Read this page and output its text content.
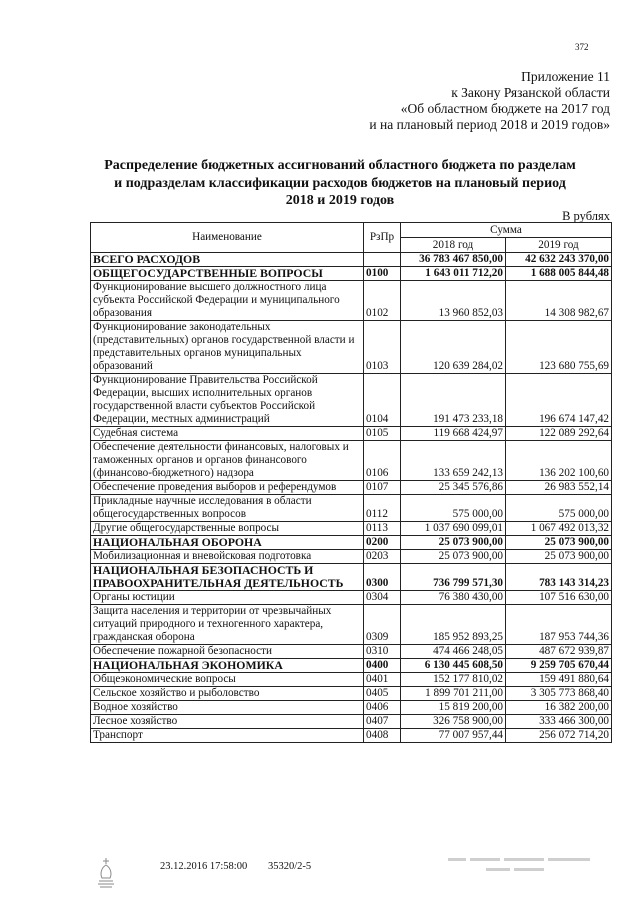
372
Приложение 11
к Закону Рязанской области
«Об областном бюджете на 2017 год
и на плановый период 2018 и 2019 годов»
Распределение бюджетных ассигнований областного бюджета по разделам
и подразделам классификации расходов бюджетов на плановый период
2018 и 2019 годов
В рублях
Наименование	РзПр	Сумма	
		2018 год	2019 год
ВСЕГО РАСХОДОВ		36 783 467 850,00	42 632 243 370,00
ОБЩЕГОСУДАРСТВЕННЫЕ ВОПРОСЫ	0100	1 643 011 712,20	1 688 005 844,48
Функционирование высшего должностного лица субъекта Российской Федерации и муниципального образования	0102	13 960 852,03	14 308 982,67
Функционирование законодательных (представительных) органов государственной власти и представительных органов муниципальных образований	0103	120 639 284,02	123 680 755,69
Функционирование Правительства Российской Федерации, высших исполнительных органов государственной власти субъектов Российской Федерации, местных администраций	0104	191 473 233,18	196 674 147,42
Судебная система	0105	119 668 424,97	122 089 292,64
Обеспечение деятельности финансовых, налоговых и таможенных органов и органов финансового (финансово-бюджетного) надзора	0106	133 659 242,13	136 202 100,60
Обеспечение проведения выборов и референдумов	0107	25 345 576,86	26 983 552,14
Прикладные научные исследования в области общегосударственных вопросов	0112	575 000,00	575 000,00
Другие общегосударственные вопросы	0113	1 037 690 099,01	1 067 492 013,32
НАЦИОНАЛЬНАЯ ОБОРОНА	0200	25 073 900,00	25 073 900,00
Мобилизационная и вневойсковая подготовка	0203	25 073 900,00	25 073 900,00
НАЦИОНАЛЬНАЯ БЕЗОПАСНОСТЬ И ПРАВООХРАНИТЕЛЬНАЯ ДЕЯТЕЛЬНОСТЬ	0300	736 799 571,30	783 143 314,23
Органы юстиции	0304	76 380 430,00	107 516 630,00
Защита населения и территории от чрезвычайных ситуаций природного и техногенного характера, гражданская оборона	0309	185 952 893,25	187 953 744,36
Обеспечение пожарной безопасности	0310	474 466 248,05	487 672 939,87
НАЦИОНАЛЬНАЯ ЭКОНОМИКА	0400	6 130 445 608,50	9 259 705 670,44
Общеэкономические вопросы	0401	152 177 810,02	159 491 880,64
Сельское хозяйство и рыболовство	0405	1 899 701 211,00	3 305 773 868,40
Водное хозяйство	0406	15 819 200,00	16 382 200,00
Лесное хозяйство	0407	326 758 900,00	333 466 300,00
Транспорт	0408	77 007 957,44	256 072 714,20
23.12.2016 17:58:00 35320/2-5
